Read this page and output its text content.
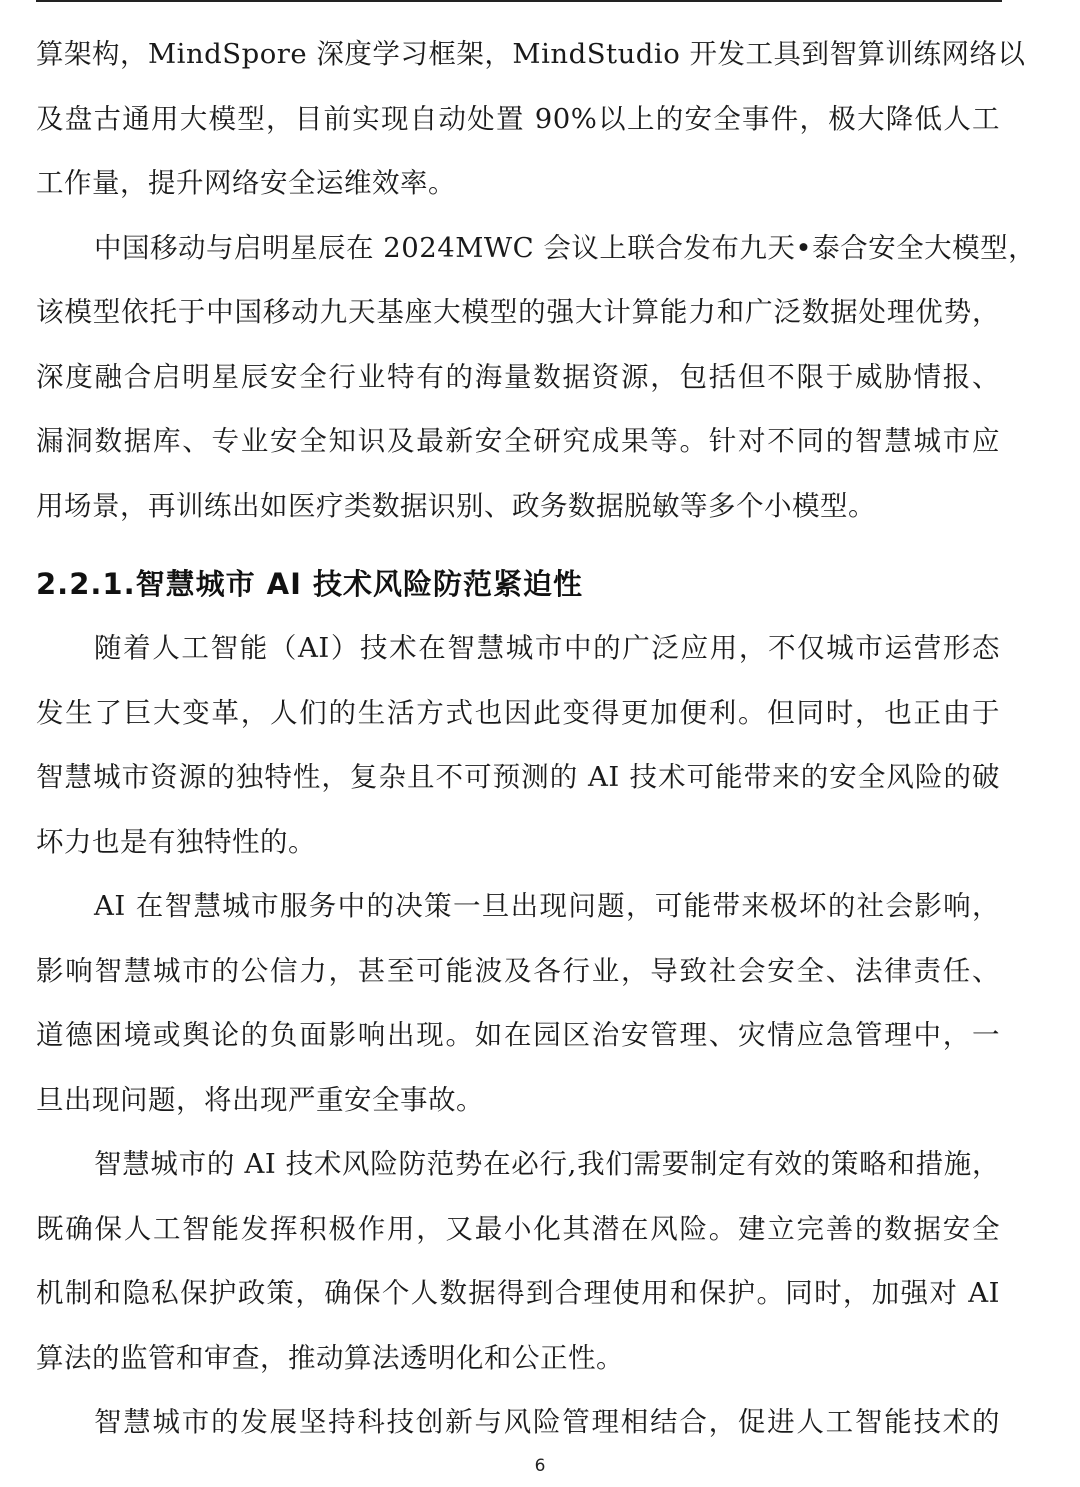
算架构，MindSpore 深度学习框架，MindStudio 开发工具到智算训练网络以
及盘古通用大模型，目前实现自动处置 90%以上的安全事件，极大降低人工
工作量，提升网络安全运维效率。
中国移动与启明星辰在 2024MWC 会议上联合发布九天•泰合安全大模型，
该模型依托于中国移动九天基座大模型的强大计算能力和广泛数据处理优势，
深度融合启明星辰安全行业特有的海量数据资源，包括但不限于威胁情报、
漏洞数据库、专业安全知识及最新安全研究成果等。针对不同的智慧城市应
用场景，再训练出如医疗类数据识别、政务数据脱敏等多个小模型。
2.2.1.智慧城市 AI 技术风险防范紧迫性
随着人工智能（AI）技术在智慧城市中的广泛应用，不仅城市运营形态
发生了巨大变革，人们的生活方式也因此变得更加便利。但同时，也正由于
智慧城市资源的独特性，复杂且不可预测的 AI 技术可能带来的安全风险的破
坏力也是有独特性的。
AI 在智慧城市服务中的决策一旦出现问题，可能带来极坏的社会影响，
影响智慧城市的公信力，甚至可能波及各行业，导致社会安全、法律责任、
道德困境或舆论的负面影响出现。如在园区治安管理、灾情应急管理中，一
旦出现问题，将出现严重安全事故。
智慧城市的 AI 技术风险防范势在必行,我们需要制定有效的策略和措施，
既确保人工智能发挥积极作用，又最小化其潜在风险。建立完善的数据安全
机制和隐私保护政策，确保个人数据得到合理使用和保护。同时，加强对 AI
算法的监管和审查，推动算法透明化和公正性。
智慧城市的发展坚持科技创新与风险管理相结合，促进人工智能技术的
6
